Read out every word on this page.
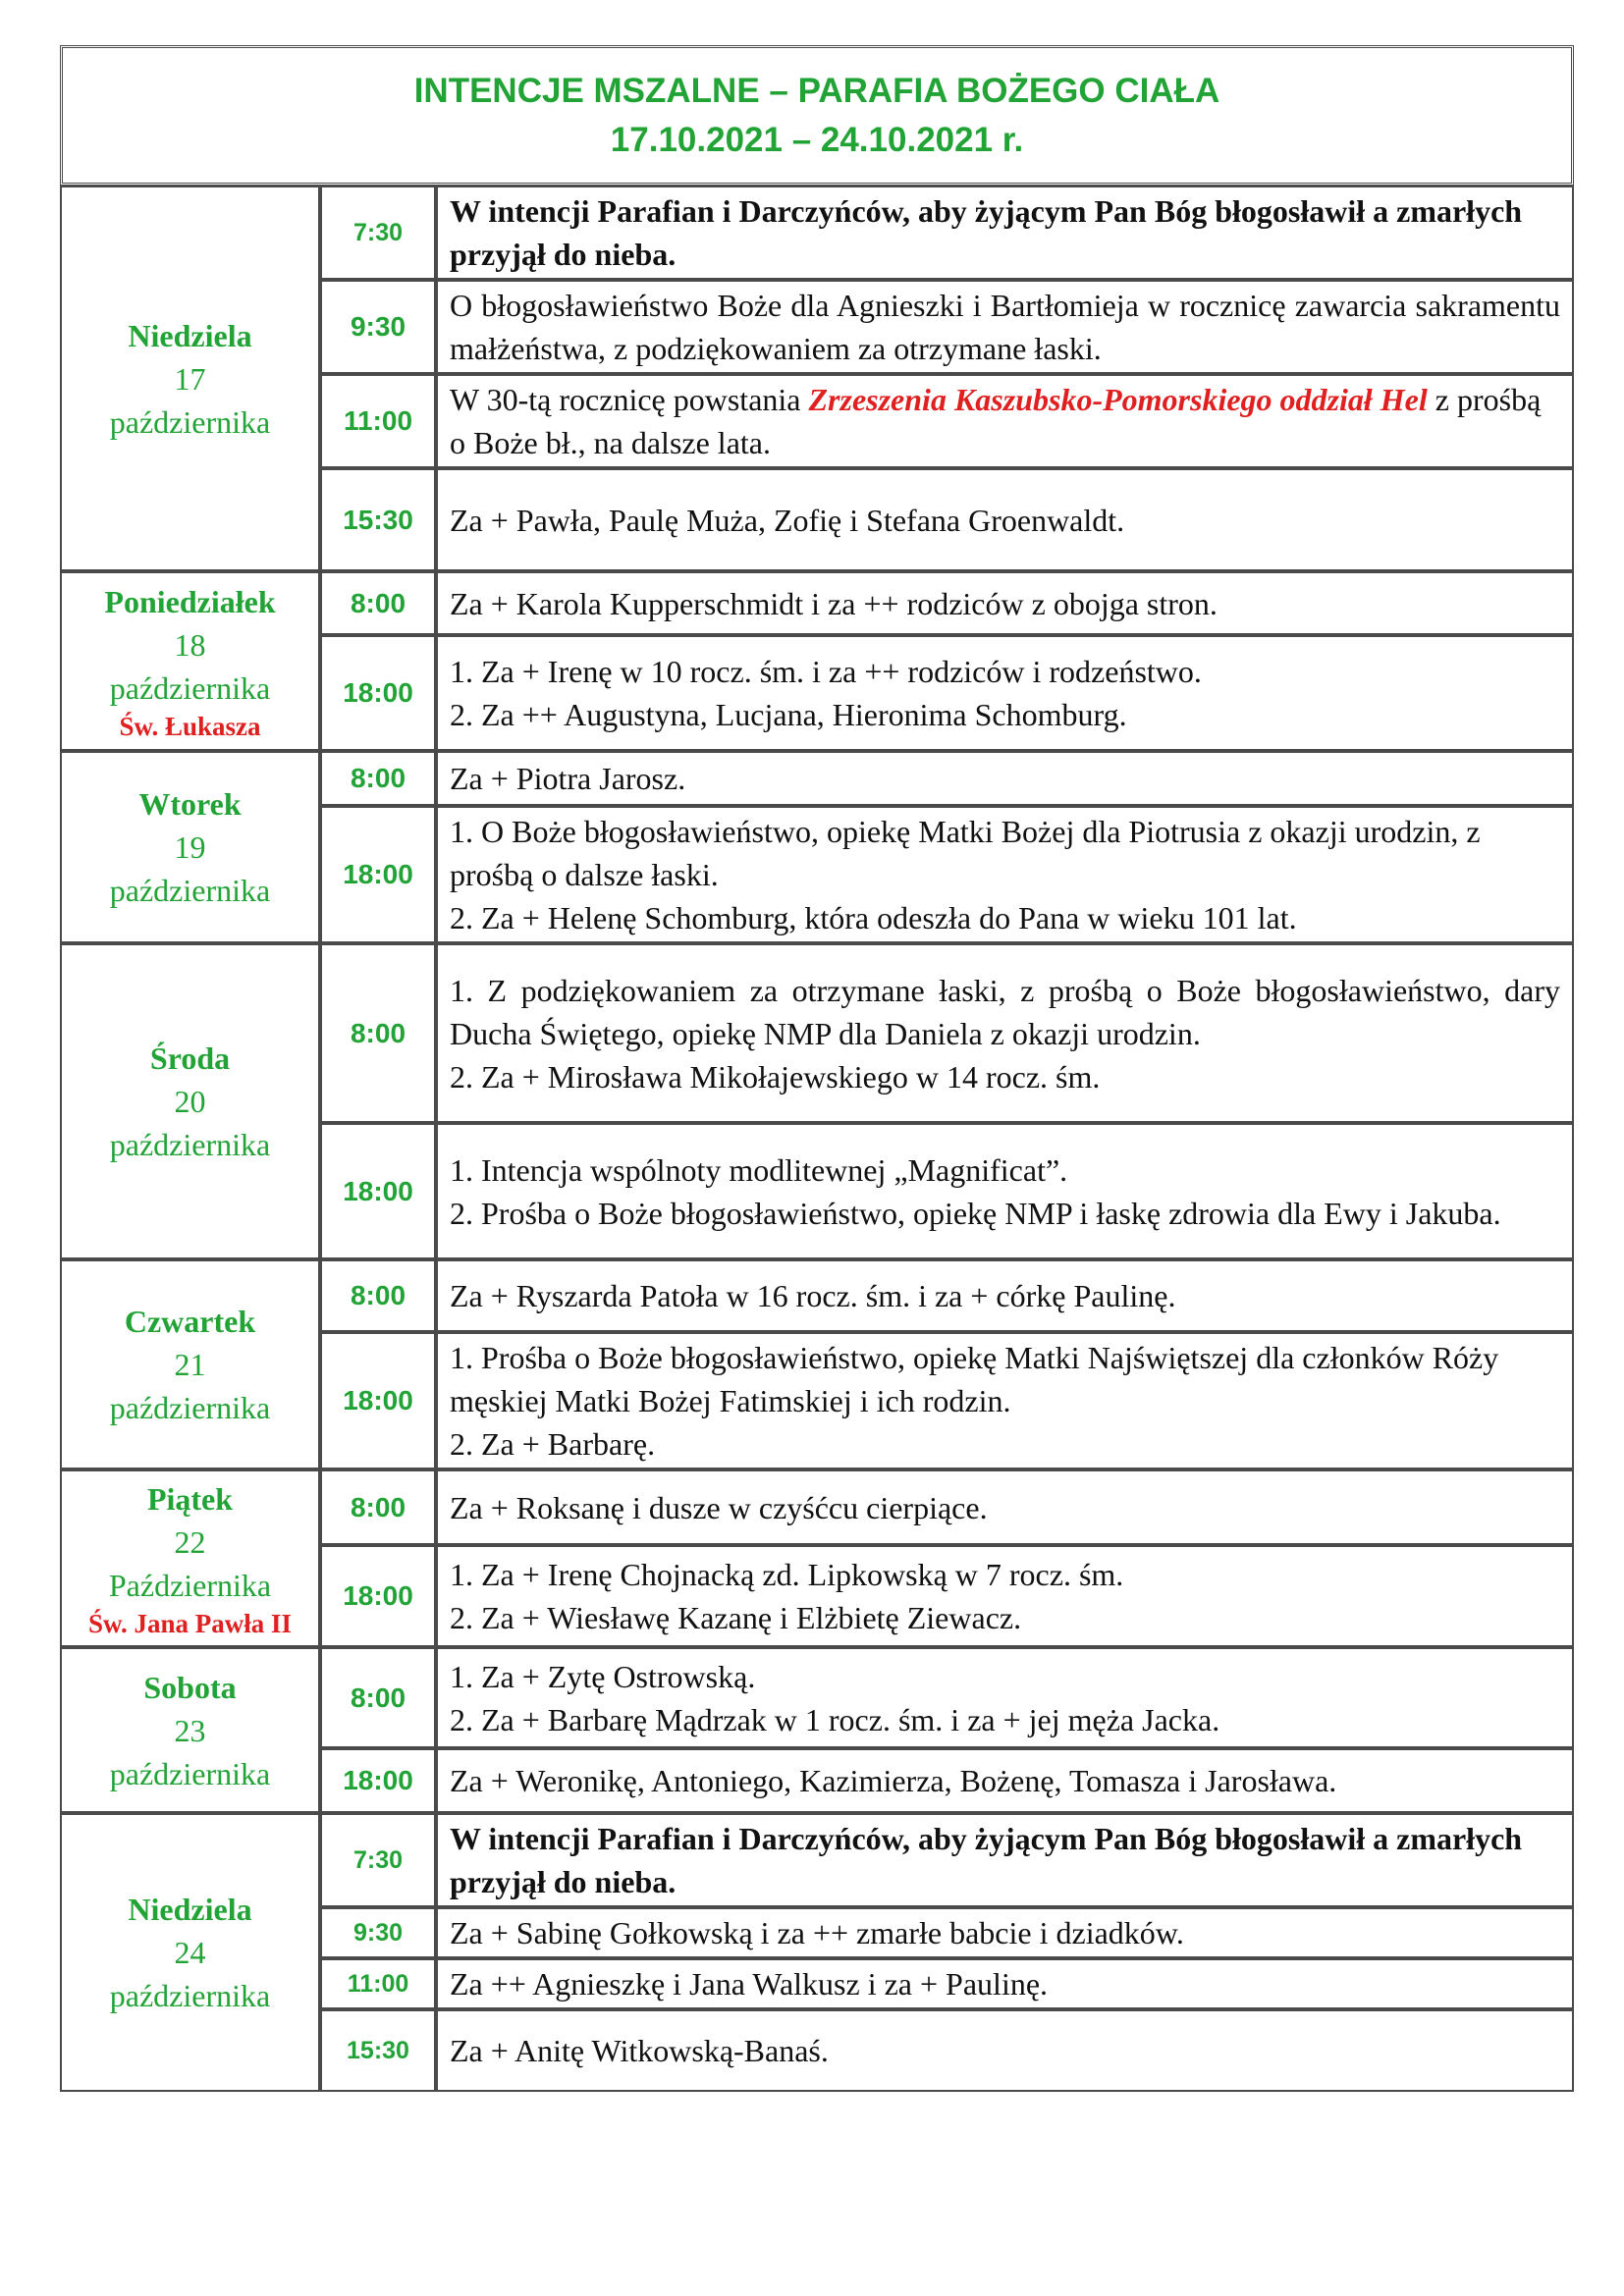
INTENCJE MSZALNE – PARAFIA BOŻEGO CIAŁA
17.10.2021 – 24.10.2021 r.		

Niedziela
17
października	7:30	W intencji Parafian i Darczyńców, aby żyjącym Pan Bóg błogosławił a zmarłych przyjął do nieba.
	9:30	O błogosławieństwo Boże dla Agnieszki i Bartłomieja w rocznicę zawarcia sakramentu małżeństwa, z podziękowaniem za otrzymane łaski.
	11:00	W 30-tą rocznicę powstania Zrzeszenia Kaszubsko-Pomorskiego oddział Hel z prośbą o Boże bł., na dalsze lata.
	15:30	Za + Pawła, Paulę Muża, Zofię i Stefana Groenwaldt.

Poniedziałek
18
października
Św. Łukasza	8:00	Za + Karola Kupperschmidt i za ++ rodziców z obojga stron.
	18:00	1. Za + Irenę w 10 rocz. śm. i za ++ rodziców i rodzeństwo.
2. Za ++ Augustyna, Lucjana, Hieronima Schomburg.

Wtorek
19
października	8:00	Za + Piotra Jarosz.
	18:00	1. O Boże błogosławieństwo, opiekę Matki Bożej dla Piotrusia z okazji urodzin, z prośbą o dalsze łaski.
2. Za + Helenę Schomburg, która odeszła do Pana w wieku 101 lat.

Środa
20
października	8:00	1. Z podziękowaniem za otrzymane łaski, z prośbą o Boże błogosławieństwo, dary Ducha Świętego, opiekę NMP dla Daniela z okazji urodzin.
2. Za + Mirosława Mikołajewskiego w 14 rocz. śm.

	18:00	1. Intencja wspólnoty modlitewnej „Magnificat”.
2. Prośba o Boże błogosławieństwo, opiekę NMP i łaskę zdrowia dla Ewy i Jakuba.

Czwartek
21
października	8:00	Za + Ryszarda Patoła w 16 rocz. śm. i za + córkę Paulinę.
	18:00	1. Prośba o Boże błogosławieństwo, opiekę Matki Najświętszej dla członków Róży męskiej Matki Bożej Fatimskiej i ich rodzin.
2. Za + Barbarę.

Piątek
22
Października
Św. Jana Pawła II	8:00	Za + Roksanę i dusze w czyśćcu cierpiące.
	18:00	1. Za + Irenę Chojnacką zd. Lipkowską w 7 rocz. śm.
2. Za + Wiesławę Kazanę i Elżbietę Ziewacz.

Sobota
23
października	8:00	1. Za + Zytę Ostrowską.
2. Za + Barbarę Mądrzak w 1 rocz. śm. i za + jej męża Jacka.

	18:00	Za + Weronikę, Antoniego, Kazimierza, Bożenę, Tomasza i Jarosława.

Niedziela
24
października	7:30	W intencji Parafian i Darczyńców, aby żyjącym Pan Bóg błogosławił a zmarłych przyjął do nieba.
	9:30	Za + Sabinę Gołkowską i za ++ zmarłe babcie i dziadków.
	11:00	Za ++ Agnieszkę i Jana Walkusz i za + Paulinę.
	15:30	Za + Anitę Witkowską-Banaś.
